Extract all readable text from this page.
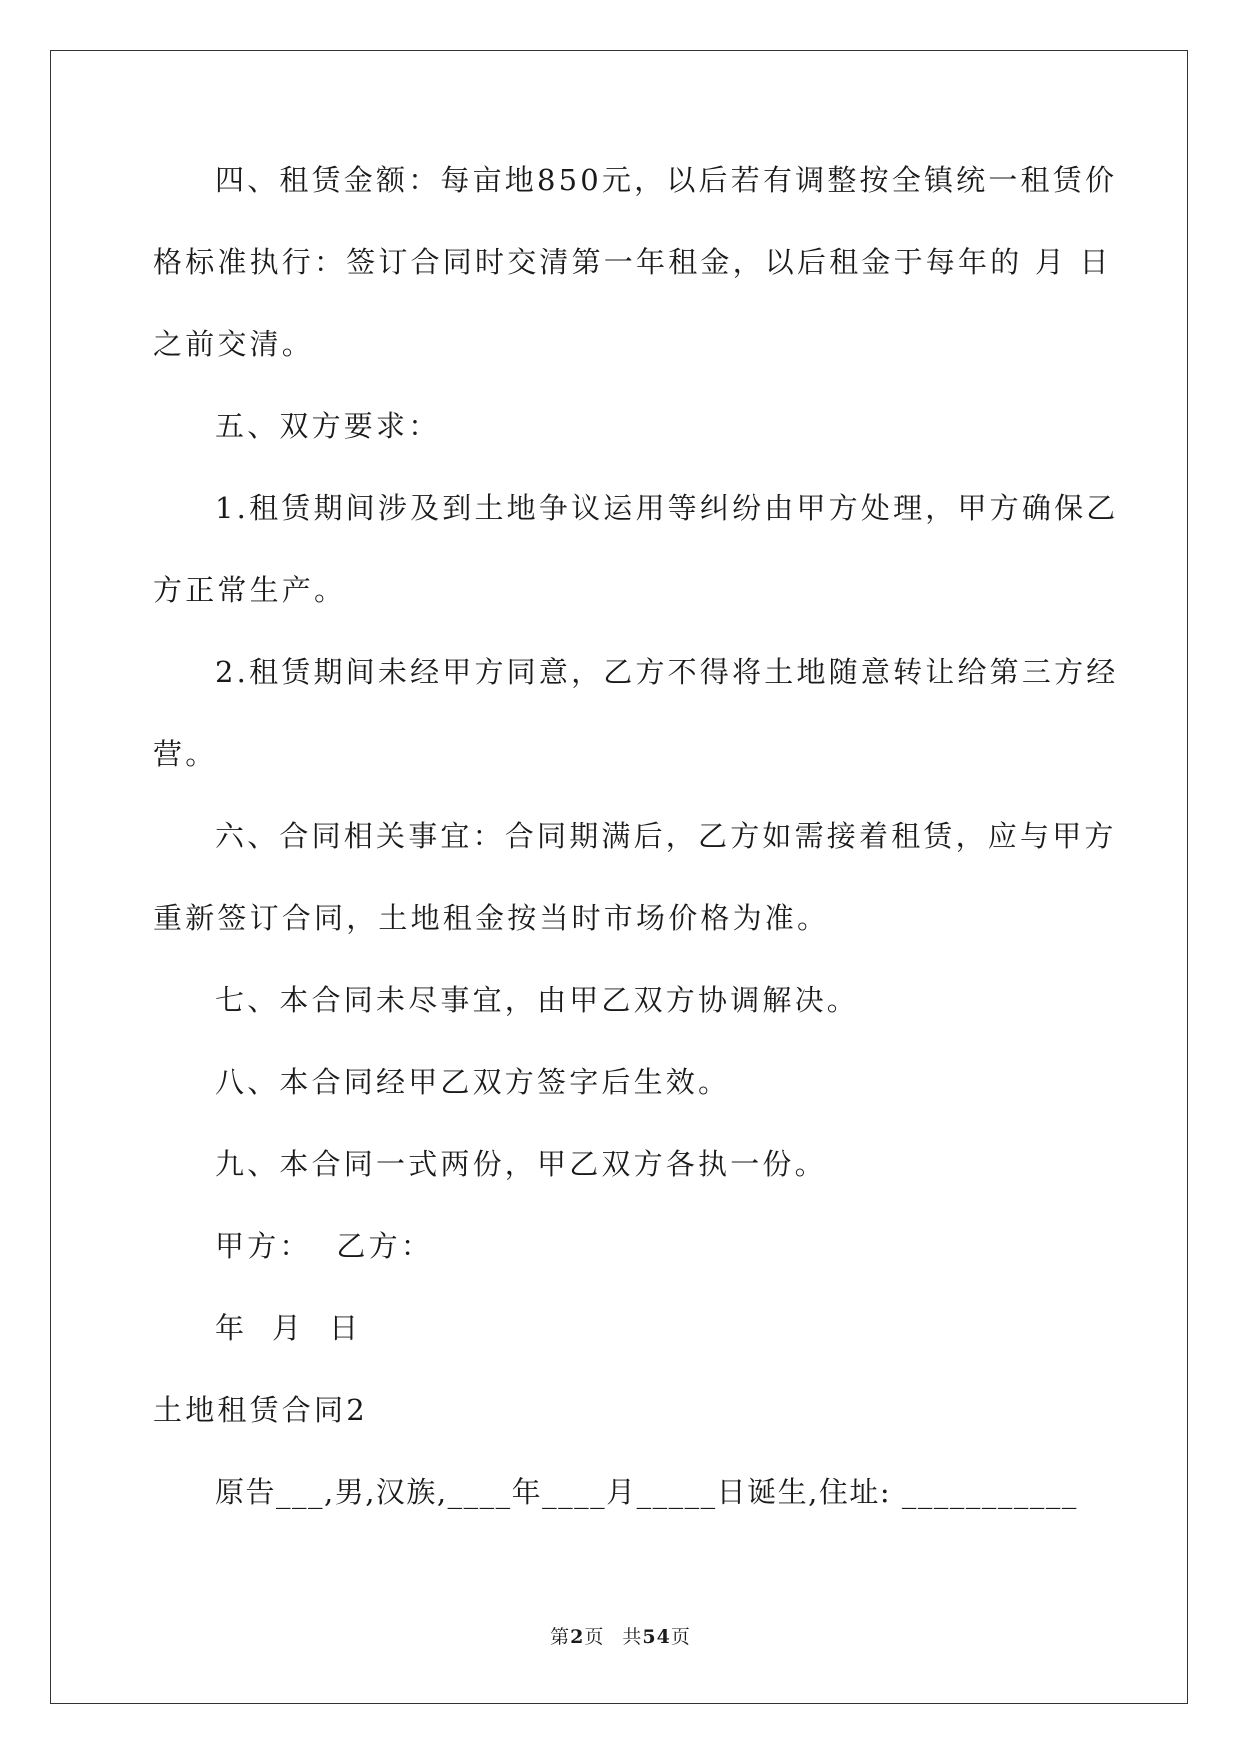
四、租赁金额：每亩地850元，以后若有调整按全镇统一租赁价
格标准执行：签订合同时交清第一年租金，以后租金于每年的 月 日
之前交清。
五、双方要求：
1.租赁期间涉及到土地争议运用等纠纷由甲方处理，甲方确保乙
方正常生产。
2.租赁期间未经甲方同意，乙方不得将土地随意转让给第三方经
营。
六、合同相关事宜：合同期满后，乙方如需接着租赁，应与甲方
重新签订合同，土地租金按当时市场价格为准。
七、本合同未尽事宜，由甲乙双方协调解决。
八、本合同经甲乙双方签字后生效。
九、本合同一式两份，甲乙双方各执一份。
甲方：  乙方：
年  月  日
土地租赁合同2
原告___,男,汉族,____年____月_____日诞生,住址: ___________
第2页 共54页
